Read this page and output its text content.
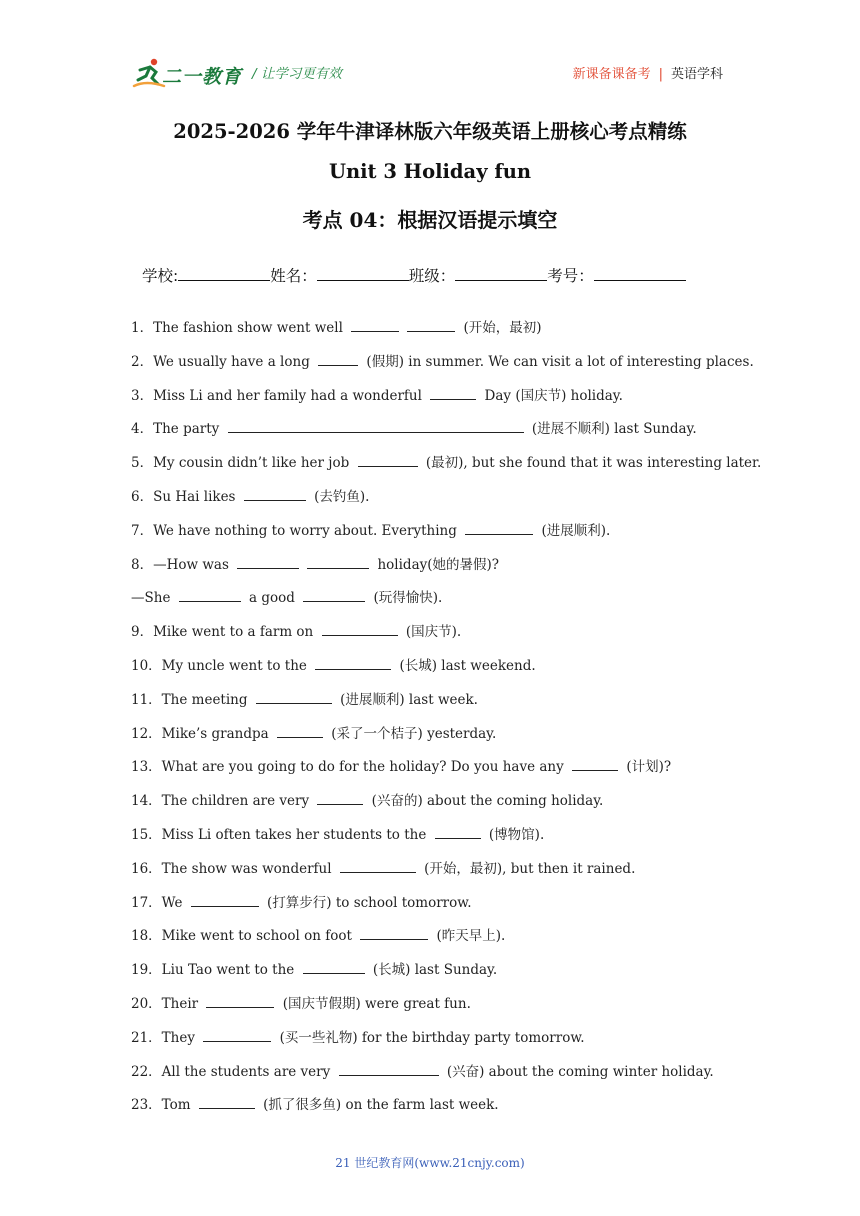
二一教育 / 让学习更有效	新课备课备考 | 英语学科
2025-2026 学年牛津译林版六年级英语上册核心考点精练
Unit 3 Holiday fun
考点 04：根据汉语提示填空
学校:	姓名：	班级：	考号：
1．The fashion show went well	(开始，最初)
2．We usually have a long	(假期) in summer. We can visit a lot of interesting places.
3．Miss Li and her family had a wonderful	Day (国庆节) holiday.
4．The party	(进展不顺利) last Sunday.
5．My cousin didn’t like her job	(最初), but she found that it was interesting later.
6．Su Hai likes	(去钓鱼).
7．We have nothing to worry about. Everything	(进展顺利).
8．—How was	holiday(她的暑假)?
—She	a good	(玩得愉快).
9．Mike went to a farm on	(国庆节).
10．My uncle went to the	(长城) last weekend.
11．The meeting	(进展顺利) last week.
12．Mike’s grandpa	(采了一个桔子) yesterday.
13．What are you going to do for the holiday? Do you have any	(计划)?
14．The children are very	(兴奋的) about the coming holiday.
15．Miss Li often takes her students to the	(博物馆).
16．The show was wonderful	(开始，最初), but then it rained.
17．We	(打算步行) to school tomorrow.
18．Mike went to school on foot	(昨天早上).
19．Liu Tao went to the	(长城) last Sunday.
20．Their	(国庆节假期) were great fun.
21．They	(买一些礼物) for the birthday party tomorrow.
22．All the students are very	(兴奋) about the coming winter holiday.
23．Tom	(抓了很多鱼) on the farm last week.
21 世纪教育网(www.21cnjy.com)
